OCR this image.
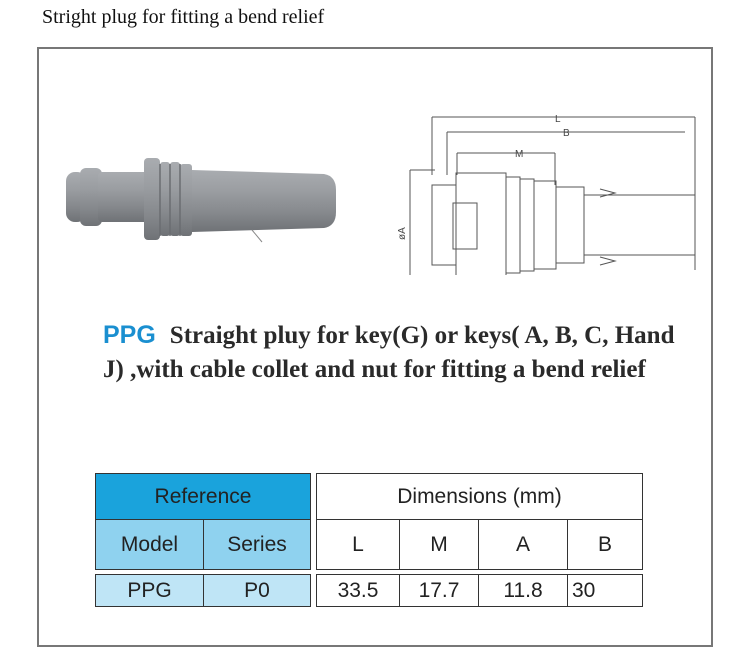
Stright plug for fitting a bend relief
L
B
M
øA
PPG Straight pluy for key(G) or keys( A, B, C, Hand J) ,with cable collet and nut for fitting a bend relief
Reference			Dimensions (mm)			
Model	Series		L	M	A	B

PPG	P0		33.5	17.7	11.8	30
